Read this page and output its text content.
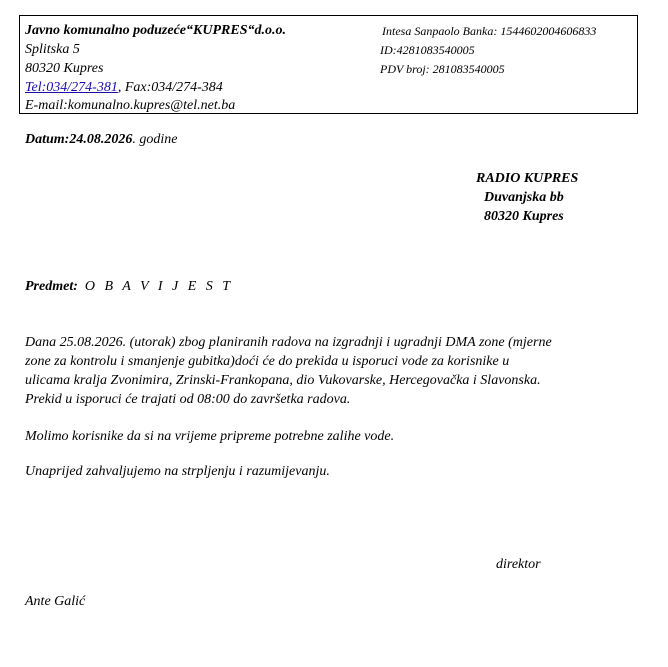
Javno komunalno poduzeće“KUPRES“d.o.o.
Splitska 5
80320 Kupres
Tel:034/274-381, Fax:034/274-384
E-mail:komunalno.kupres@tel.net.ba
Intesa Sanpaolo Banka: 1544602004606833
ID:4281083540005
PDV broj: 281083540005
Datum:24.08.2026. godine
RADIO KUPRES
Duvanjska bb
80320 Kupres
Predmet: O B A V I J E S T
Dana 25.08.2026. (utorak) zbog planiranih radova na izgradnji i ugradnji DMA zone (mjerne
zone za kontrolu i smanjenje gubitka)doći će do prekida u isporuci vode za korisnike u
ulicama kralja Zvonimira, Zrinski-Frankopana, dio Vukovarske, Hercegovačka i Slavonska.
Prekid u isporuci će trajati od 08:00 do završetka radova.
Molimo korisnike da si na vrijeme pripreme potrebne zalihe vode.
Unaprijed zahvaljujemo na strpljenju i razumijevanju.
direktor
Ante Galić
